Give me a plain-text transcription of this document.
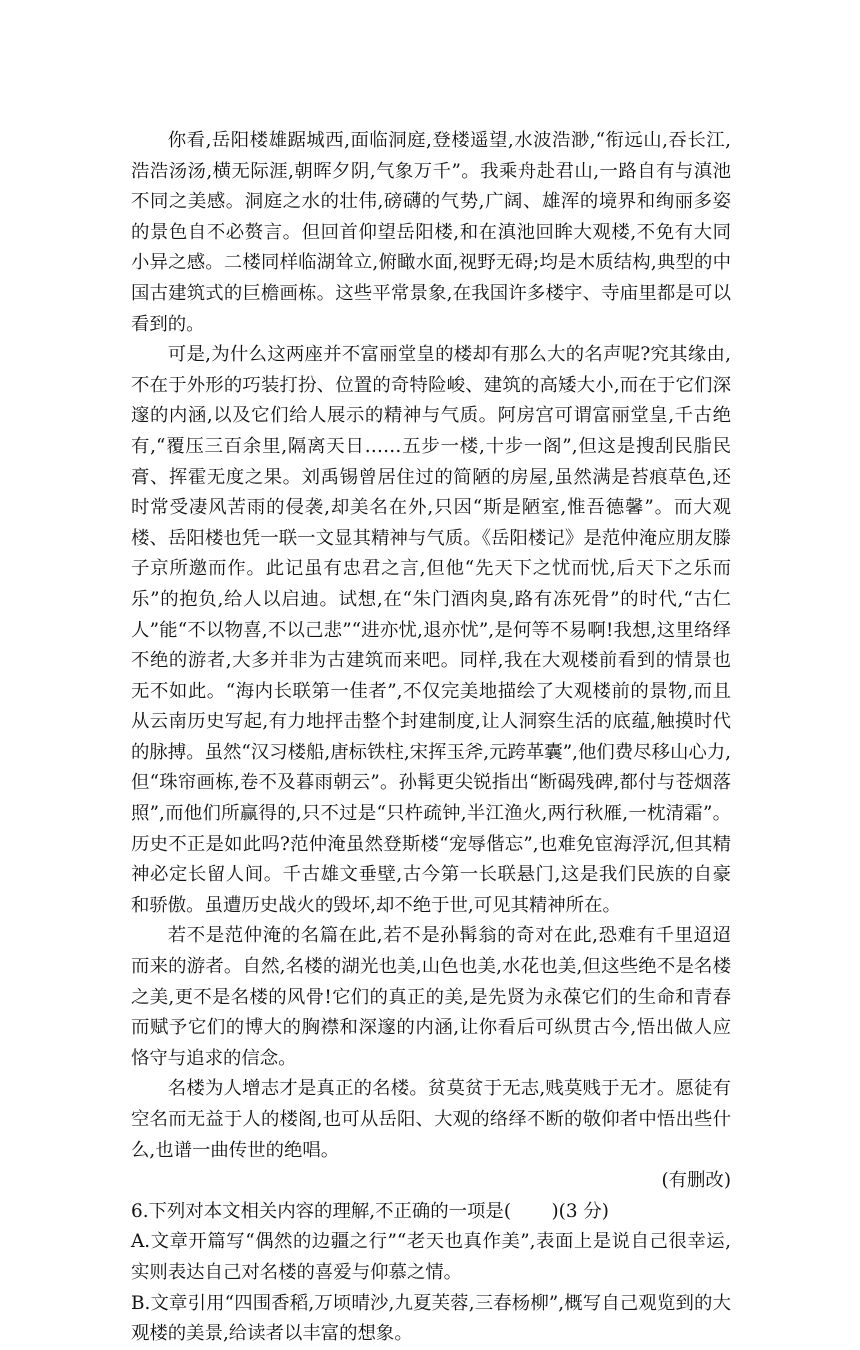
你看,岳阳楼雄踞城西,面临洞庭,登楼遥望,水波浩渺,“衔远山,吞长江,浩浩汤汤,横无际涯,朝晖夕阴,气象万千”。我乘舟赴君山,一路自有与滇池不同之美感。洞庭之水的壮伟,磅礴的气势,广阔、雄浑的境界和绚丽多姿的景色自不必赘言。但回首仰望岳阳楼,和在滇池回眸大观楼,不免有大同小异之感。二楼同样临湖耸立,俯瞰水面,视野无碍;均是木质结构,典型的中国古建筑式的巨檐画栋。这些平常景象,在我国许多楼宇、寺庙里都是可以看到的。

可是,为什么这两座并不富丽堂皇的楼却有那么大的名声呢?究其缘由,不在于外形的巧装打扮、位置的奇特险峻、建筑的高矮大小,而在于它们深邃的内涵,以及它们给人展示的精神与气质。阿房宫可谓富丽堂皇,千古绝有,“覆压三百余里,隔离天日……五步一楼,十步一阁”,但这是搜刮民脂民膏、挥霍无度之果。刘禹锡曾居住过的简陋的房屋,虽然满是苔痕草色,还时常受凄风苦雨的侵袭,却美名在外,只因“斯是陋室,惟吾德馨”。而大观楼、岳阳楼也凭一联一文显其精神与气质。《岳阳楼记》是范仲淹应朋友滕子京所邀而作。此记虽有忠君之言,但他“先天下之忧而忧,后天下之乐而乐”的抱负,给人以启迪。试想,在“朱门酒肉臭,路有冻死骨”的时代,“古仁人”能“不以物喜,不以己悲”“进亦忧,退亦忧”,是何等不易啊!我想,这里络绎不绝的游者,大多并非为古建筑而来吧。同样,我在大观楼前看到的情景也无不如此。“海内长联第一佳者”,不仅完美地描绘了大观楼前的景物,而且从云南历史写起,有力地抨击整个封建制度,让人洞察生活的底蕴,触摸时代的脉搏。虽然“汉习楼船,唐标铁柱,宋挥玉斧,元跨革囊”,他们费尽移山心力,但“珠帘画栋,卷不及暮雨朝云”。孙髯更尖锐指出“断碣残碑,都付与苍烟落照”,而他们所赢得的,只不过是“只杵疏钟,半江渔火,两行秋雁,一枕清霜”。历史不正是如此吗?范仲淹虽然登斯楼“宠辱偕忘”,也难免宦海浮沉,但其精神必定长留人间。千古雄文垂壁,古今第一长联悬门,这是我们民族的自豪和骄傲。虽遭历史战火的毁坏,却不绝于世,可见其精神所在。

若不是范仲淹的名篇在此,若不是孙髯翁的奇对在此,恐难有千里迢迢而来的游者。自然,名楼的湖光也美,山色也美,水花也美,但这些绝不是名楼之美,更不是名楼的风骨!它们的真正的美,是先贤为永葆它们的生命和青春而赋予它们的博大的胸襟和深邃的内涵,让你看后可纵贯古今,悟出做人应恪守与追求的信念。

名楼为人增志才是真正的名楼。贫莫贫于无志,贱莫贱于无才。愿徒有空名而无益于人的楼阁,也可从岳阳、大观的络绎不断的敬仰者中悟出些什么,也谱一曲传世的绝唱。

(有删改)

6.下列对本文相关内容的理解,不正确的一项是( )(3 分)

A.文章开篇写“偶然的边疆之行”“老天也真作美”,表面上是说自己很幸运,实则表达自己对名楼的喜爱与仰慕之情。

B.文章引用“四围香稻,万顷晴沙,九夏芙蓉,三春杨柳”,概写自己观览到的大观楼的美景,给读者以丰富的想象。
